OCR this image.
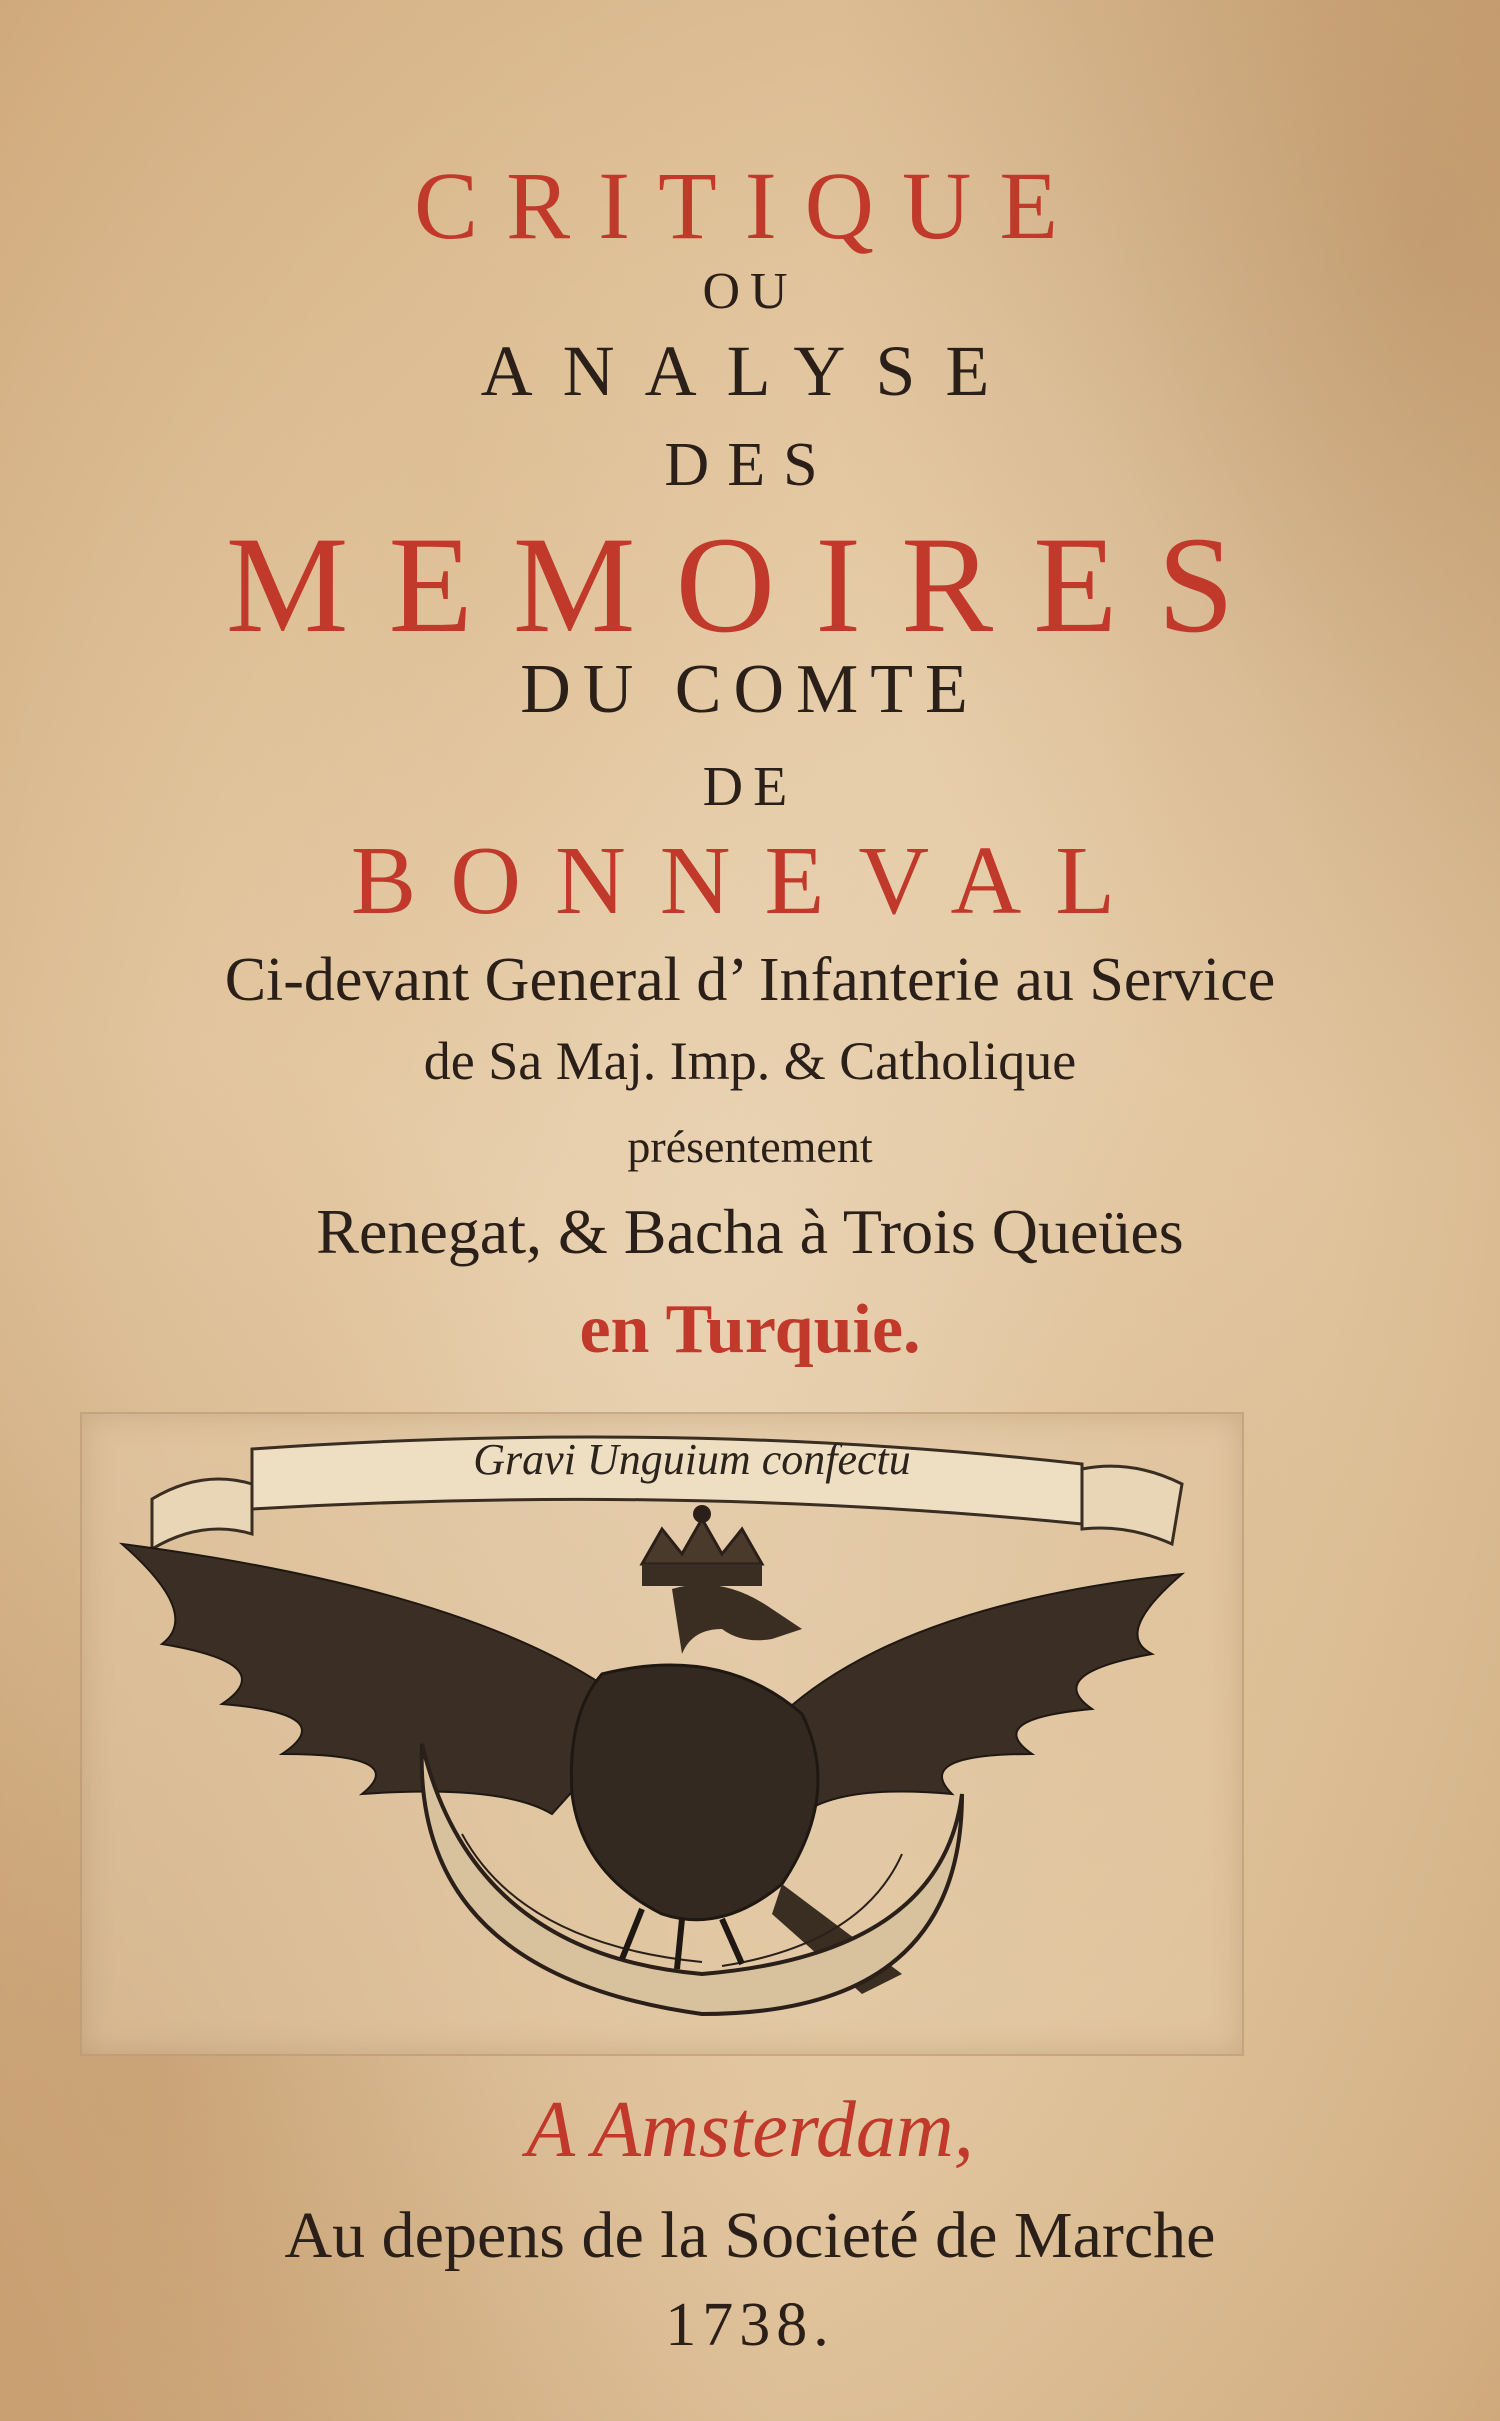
CRITIQUE
OU
ANALYSE
DES
MEMOIRES
DU COMTE
DE
BONNEVAL
Ci-devant General d’ Infanterie au Service
de Sa Maj. Imp. & Catholique
présentement
Renegat, & Bacha à Trois Queües
en Turquie.
Gravi Unguium confectu
A Amsterdam,
Au depens de la Societé de Marche
1738.
